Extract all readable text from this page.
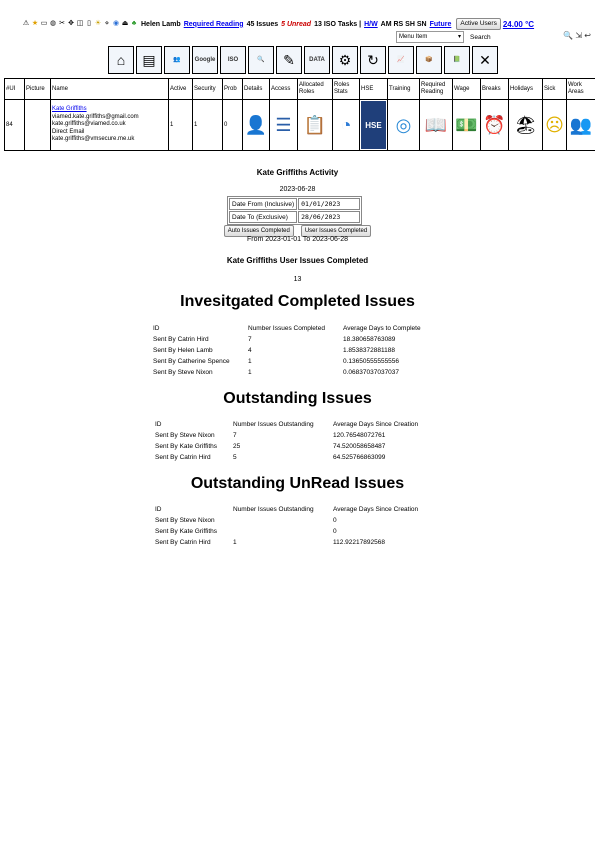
⚠ ★ ▭ ◍ ✂ ✥ ◫ ▯ ☀ ⋄ ◉ ⏏ ♣ Helen Lamb Required Reading 45 Issues 5 Unread 13 ISO Tasks | H/W AM RS SH SN Future	Active Users 24.00 °C
Menu Item	▾	Search	🔍 ⇲ ↩
⌂	▤	👥	Google	ISO	🔍	✎	DATA ⚙	↻	📈	📦	📗	✕
#UI	Picture	Name	Active	Security	Prob	Details	Access	Allocated Roles	Roles Stats	HSE	Training	Required Reading	Wage	Breaks	Holidays	Sick	Work Areas
84		Kate Griffiths
viamed.kate.griffiths@gmail.com
kate.griffiths@viamed.co.uk
Direct Email
kate.griffiths@vmsecure.me.uk	1	1	0	👤	☰	📋	◔	HSE	◎	📖	💵	⏰	🏖	☹	👥
Kate Griffiths Activity
2023-06-28
Date From (Inclusive)	01/01/2023
Date To (Exclusive)	28/06/2023
Auto Issues Completed	User Issues Completed
From 2023-01-01 To 2023-06-28
Kate Griffiths User Issues Completed
13
Invesitgated Completed Issues
ID	Number Issues Completed	Average Days to Complete
Sent By Catrin Hird	7	18.380658763089
Sent By Helen Lamb	4	1.8538372881188
Sent By Catherine Spence	1	0.13650555555556
Sent By Steve Nixon	1	0.06837037037037
Outstanding Issues
ID	Number Issues Outstanding	Average Days Since Creation
Sent By Steve Nixon	7	120.76548072761
Sent By Kate Griffiths	25	74.520058658487
Sent By Catrin Hird	5	64.525766863099
Outstanding UnRead Issues
ID	Number Issues Outstanding	Average Days Since Creation
Sent By Steve Nixon		0
Sent By Kate Griffiths		0
Sent By Catrin Hird	1	112.92217892568
